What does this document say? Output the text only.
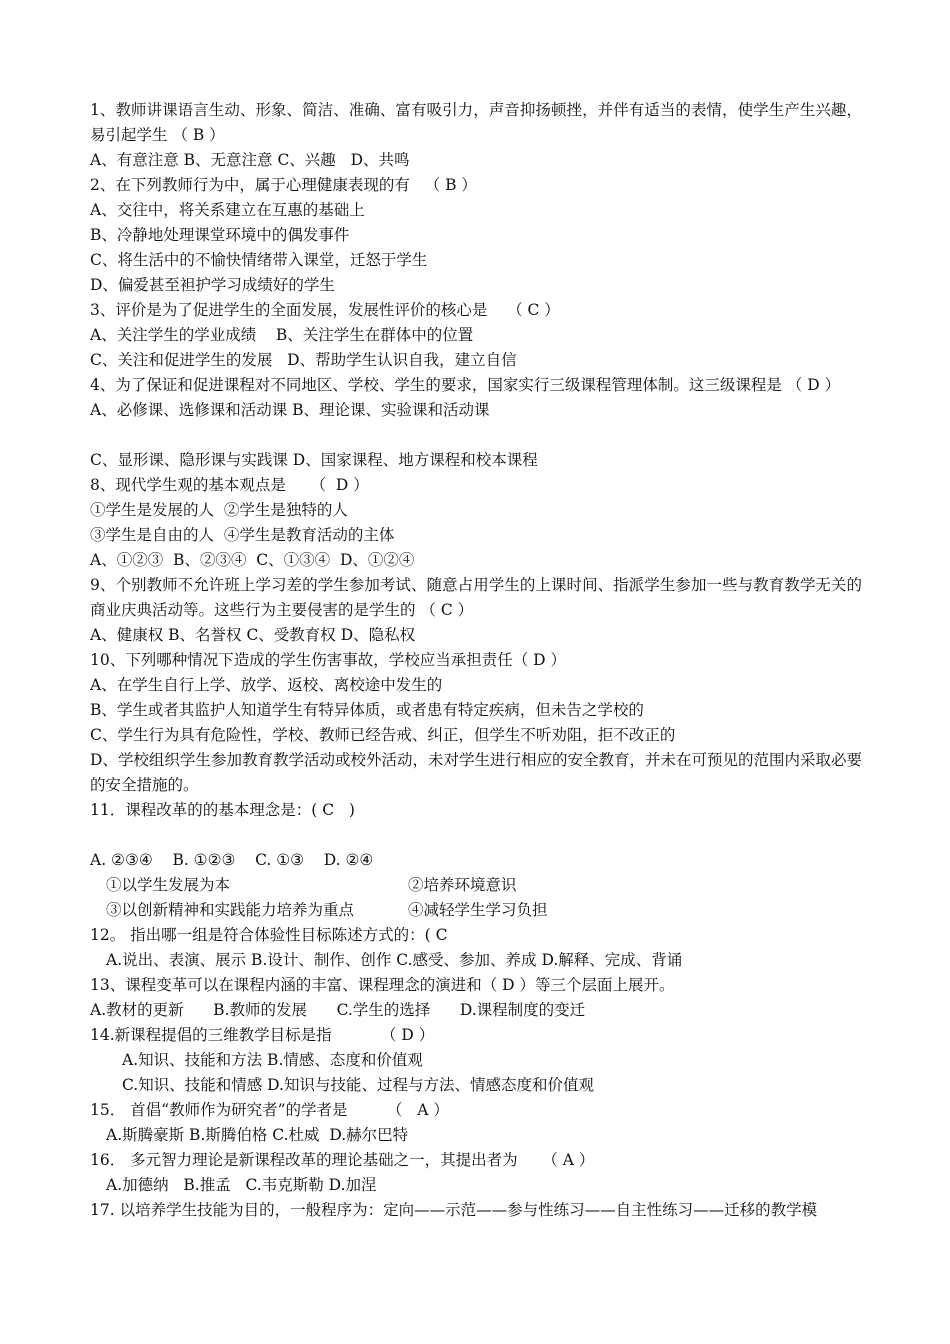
1、教师讲课语言生动、形象、简洁、准确、富有吸引力，声音抑扬顿挫，并伴有适当的表情，使学生产生兴趣，易引起学生 （ B ）
A、有意注意 B、无意注意 C、兴趣   D、共鸣
2、在下列教师行为中，属于心理健康表现的有   （ B ）
A、交往中，将关系建立在互惠的基础上
B、冷静地处理课堂环境中的偶发事件
C、将生活中的不愉快情绪带入课堂，迁怒于学生
D、偏爱甚至袒护学习成绩好的学生
3、评价是为了促进学生的全面发展，发展性评价的核心是    （ C ）
A、关注学生的学业成绩    B、关注学生在群体中的位置
C、关注和促进学生的发展   D、帮助学生认识自我，建立自信
4、为了保证和促进课程对不同地区、学校、学生的要求，国家实行三级课程管理体制。这三级课程是 （ D ）
A、必修课、选修课和活动课 B、理论课、实验课和活动课
C、显形课、隐形课与实践课 D、国家课程、地方课程和校本课程
8、现代学生观的基本观点是     （  D ）
①学生是发展的人  ②学生是独特的人
③学生是自由的人  ④学生是教育活动的主体
A、①②③  B、②③④  C、①③④  D、①②④
9、个别教师不允许班上学习差的学生参加考试、随意占用学生的上课时间、指派学生参加一些与教育教学无关的商业庆典活动等。这些行为主要侵害的是学生的 （ C ）
A、健康权 B、名誉权 C、受教育权 D、隐私权
10、下列哪种情况下造成的学生伤害事故，学校应当承担责任（ D ）
A、在学生自行上学、放学、返校、离校途中发生的
B、学生或者其监护人知道学生有特异体质，或者患有特定疾病，但未告之学校的
C、学生行为具有危险性，学校、教师已经告戒、纠正，但学生不听劝阻，拒不改正的
D、学校组织学生参加教育教学活动或校外活动，未对学生进行相应的安全教育，并未在可预见的范围内采取必要的安全措施的。
11．课程改革的的基本理念是：( C   )
A. ②③④    B. ①②③    C. ①③    D. ②④
①以学生发展为本	②培养环境意识
③以创新精神和实践能力培养为重点	④减轻学生学习负担
12。 指出哪一组是符合体验性目标陈述方式的：( C
A.说出、表演、展示 B.设计、制作、创作 C.感受、参加、养成 D.解释、完成、背诵
13、课程变革可以在课程内涵的丰富、课程理念的演进和（ D ）等三个层面上展开。
A.教材的更新      B.教师的发展      C.学生的选择      D.课程制度的变迁
14.新课程提倡的三维教学目标是指          （ D ）
A.知识、技能和方法 B.情感、态度和价值观
C.知识、技能和情感 D.知识与技能、过程与方法、情感态度和价值观
15． 首倡“教师作为研究者”的学者是        （   A ）
A.斯腾豪斯 B.斯腾伯格 C.杜威  D.赫尔巴特
16． 多元智力理论是新课程改革的理论基础之一，其提出者为     （ A ）
A.加德纳   B.推孟   C.韦克斯勒 D.加涅
17. 以培养学生技能为目的，一般程序为：定向——示范——参与性练习——自主性练习——迁移的教学模
